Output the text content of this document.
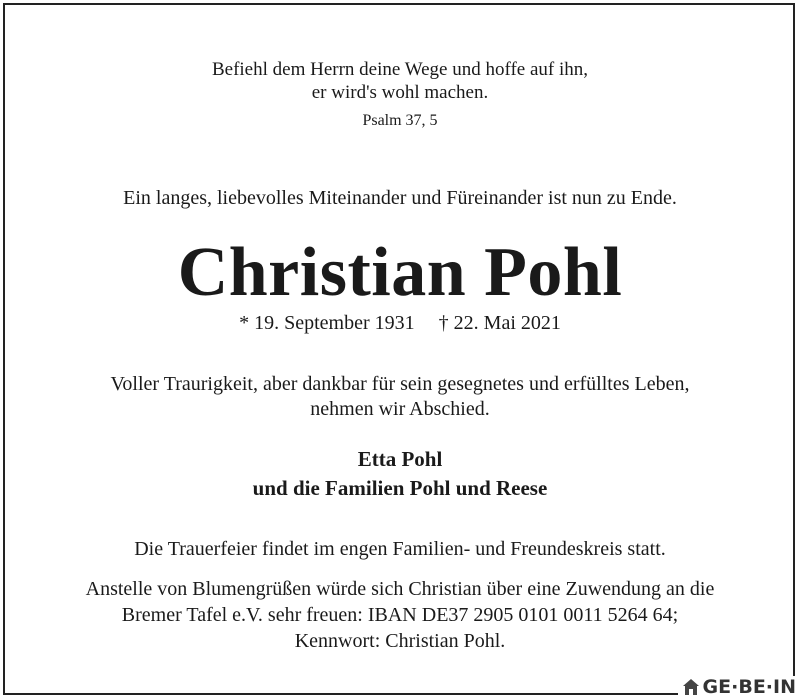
Befiehl dem Herrn deine Wege und hoffe auf ihn,
er wird's wohl machen.
Psalm 37, 5
Ein langes, liebevolles Miteinander und Füreinander ist nun zu Ende.
Christian Pohl
* 19. September 1931 † 22. Mai 2021
Voller Traurigkeit, aber dankbar für sein gesegnetes und erfülltes Leben,
nehmen wir Abschied.
Etta Pohl
und die Familien Pohl und Reese
Die Trauerfeier findet im engen Familien- und Freundeskreis statt.
Anstelle von Blumengrüßen würde sich Christian über eine Zuwendung an die
Bremer Tafel e.V. sehr freuen: IBAN DE37 2905 0101 0011 5264 64;
Kennwort: Christian Pohl.
GE·BE·IN
